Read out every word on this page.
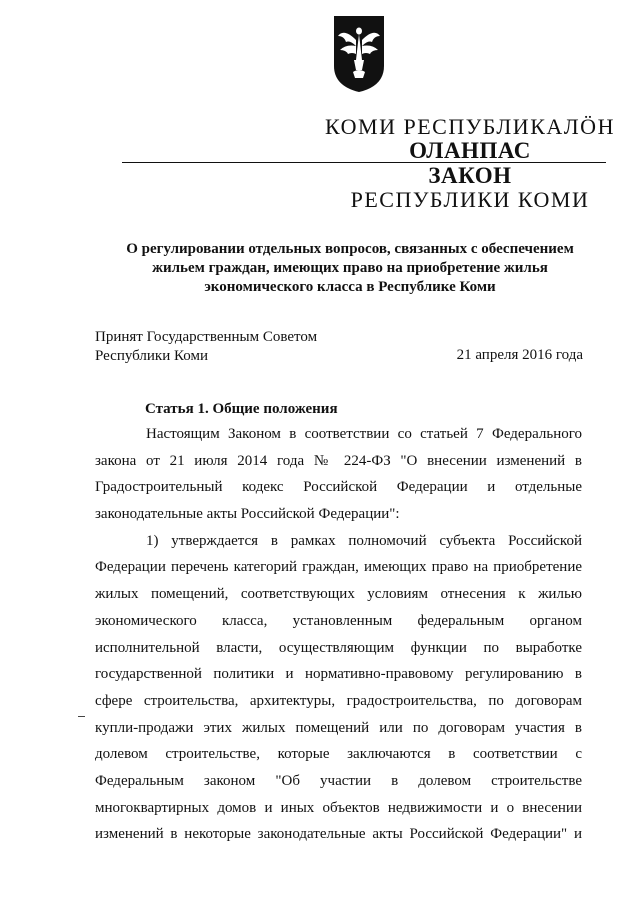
КОМИ РЕСПУБЛИКАЛÖН
ОЛАНПАС
ЗАКОН
РЕСПУБЛИКИ КОМИ
О регулировании отдельных вопросов, связанных с обеспечением
жильем граждан, имеющих право на приобретение жилья
экономического класса в Республике Коми
Принят Государственным Советом
Республики Коми	21 апреля 2016 года
Статья 1. Общие положения
Настоящим Законом в соответствии со статьей 7 Федерального
закона от 21 июля 2014 года № 224-ФЗ "О внесении изменений в
Градостроительный кодекс Российской Федерации и отдельные
законодательные акты Российской Федерации":
1) утверждается в рамках полномочий субъекта Российской
Федерации перечень категорий граждан, имеющих право на приобретение
жилых помещений, соответствующих условиям отнесения к жилью
экономического класса, установленным федеральным органом
исполнительной власти, осуществляющим функции по выработке
государственной политики и нормативно-правовому регулированию в
сфере строительства, архитектуры, градостроительства, по договорам
купли-продажи этих жилых помещений или по договорам участия в
долевом строительстве, которые заключаются в соответствии с
Федеральным законом "Об участии в долевом строительстве
многоквартирных домов и иных объектов недвижимости и о внесении
изменений в некоторые законодательные акты Российской Федерации" и
